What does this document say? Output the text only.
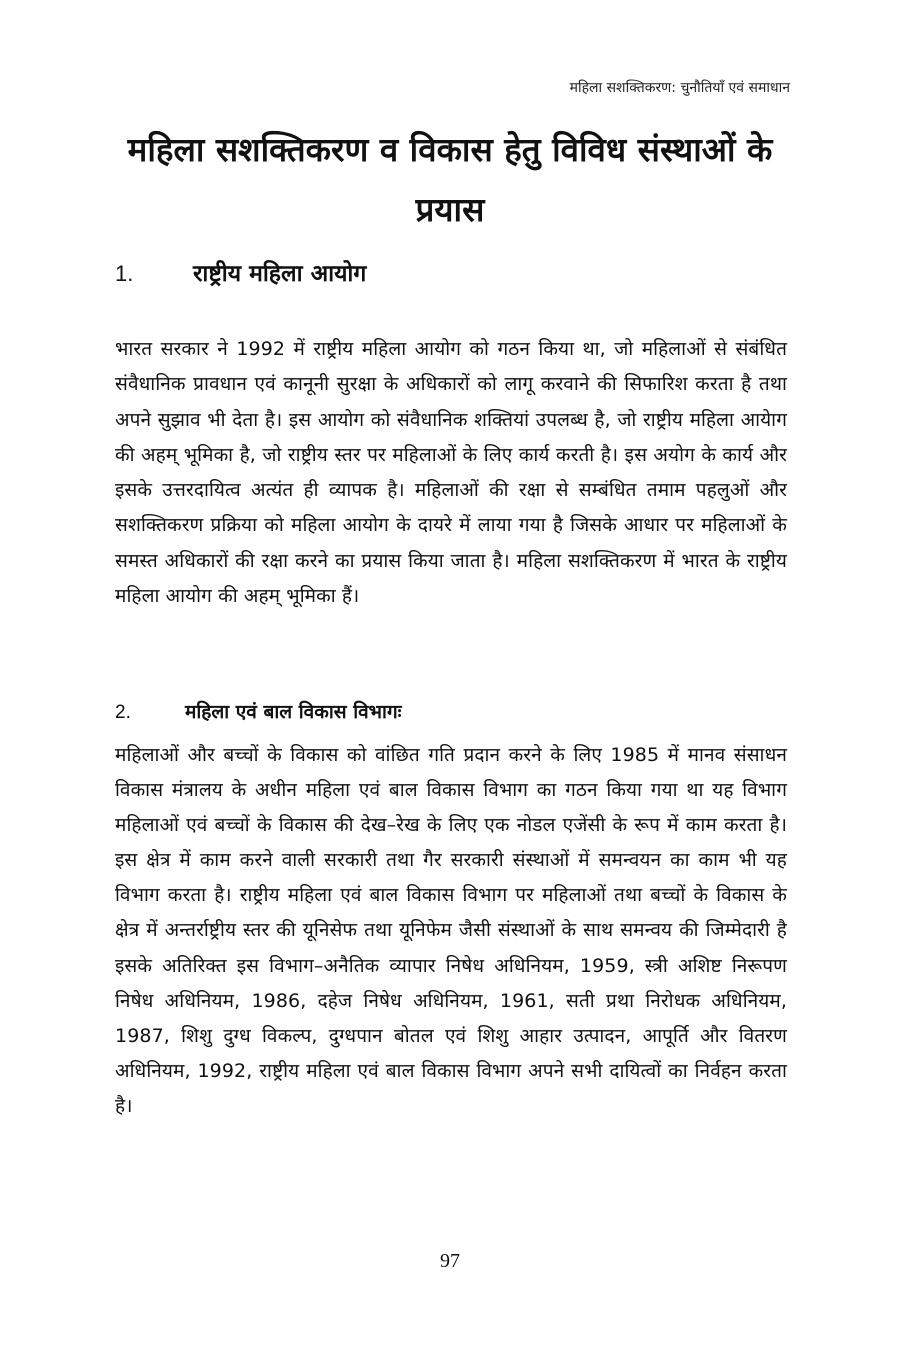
महिला सशक्तिकरण: चुनौतियाँ एवं समाधान
महिला सशक्तिकरण व विकास हेतु विविध संस्थाओं के प्रयास
1.	राष्ट्रीय महिला आयोग

भारत सरकार ने 1992 में राष्ट्रीय महिला आयोग को गठन किया था, जो महिलाओं से संबंधित संवैधानिक प्रावधान एवं कानूनी सुरक्षा के अधिकारों को लागू करवाने की सिफारिश करता है तथा अपने सुझाव भी देता है। इस आयोग को संवैधानिक शक्तियां उपलब्ध है, जो राष्ट्रीय महिला आयेाग की अहम् भूमिका है, जो राष्ट्रीय स्तर पर महिलाओं के लिए कार्य करती है। इस अयोग के कार्य और इसके उत्तरदायित्व अत्यंत ही व्यापक है। महिलाओं की रक्षा से सम्बंधित तमाम पहलुओं और सशक्तिकरण प्रक्रिया को महिला आयोग के दायरे में लाया गया है जिसके आधार पर महिलाओं के समस्त अधिकारों की रक्षा करने का प्रयास किया जाता है। महिला सशक्तिकरण में भारत के राष्ट्रीय महिला आयोग की अहम् भूमिका हैं।

2.	महिला एवं बाल विकास विभागः

महिलाओं और बच्चों के विकास को वांछित गति प्रदान करने के लिए 1985 में मानव संसाधन विकास मंत्रालय के अधीन महिला एवं बाल विकास विभाग का गठन किया गया था यह विभाग महिलाओं एवं बच्चों के विकास की देख–रेख के लिए एक नोडल एजेंसी के रूप में काम करता है। इस क्षेत्र में काम करने वाली सरकारी तथा गैर सरकारी संस्थाओं में समन्वयन का काम भी यह विभाग करता है। राष्ट्रीय महिला एवं बाल विकास विभाग पर महिलाओं तथा बच्चों के विकास के क्षेत्र में अन्तर्राष्ट्रीय स्तर की यूनिसेफ तथा यूनिफेम जैसी संस्थाओं के साथ समन्वय की जिम्मेदारी है इसके अतिरिक्त इस विभाग–अनैतिक व्यापार निषेध अधिनियम, 1959, स्त्री अशिष्ट निरूपण निषेध अधिनियम, 1986, दहेज निषेध अधिनियम, 1961, सती प्रथा निरोधक अधिनियम, 1987, शिशु दुग्ध विकल्प, दुग्धपान बोतल एवं शिशु आहार उत्पादन, आपूर्ति और वितरण अधिनियम, 1992, राष्ट्रीय महिला एवं बाल विकास विभाग अपने सभी दायित्वों का निर्वहन करता है।

97
